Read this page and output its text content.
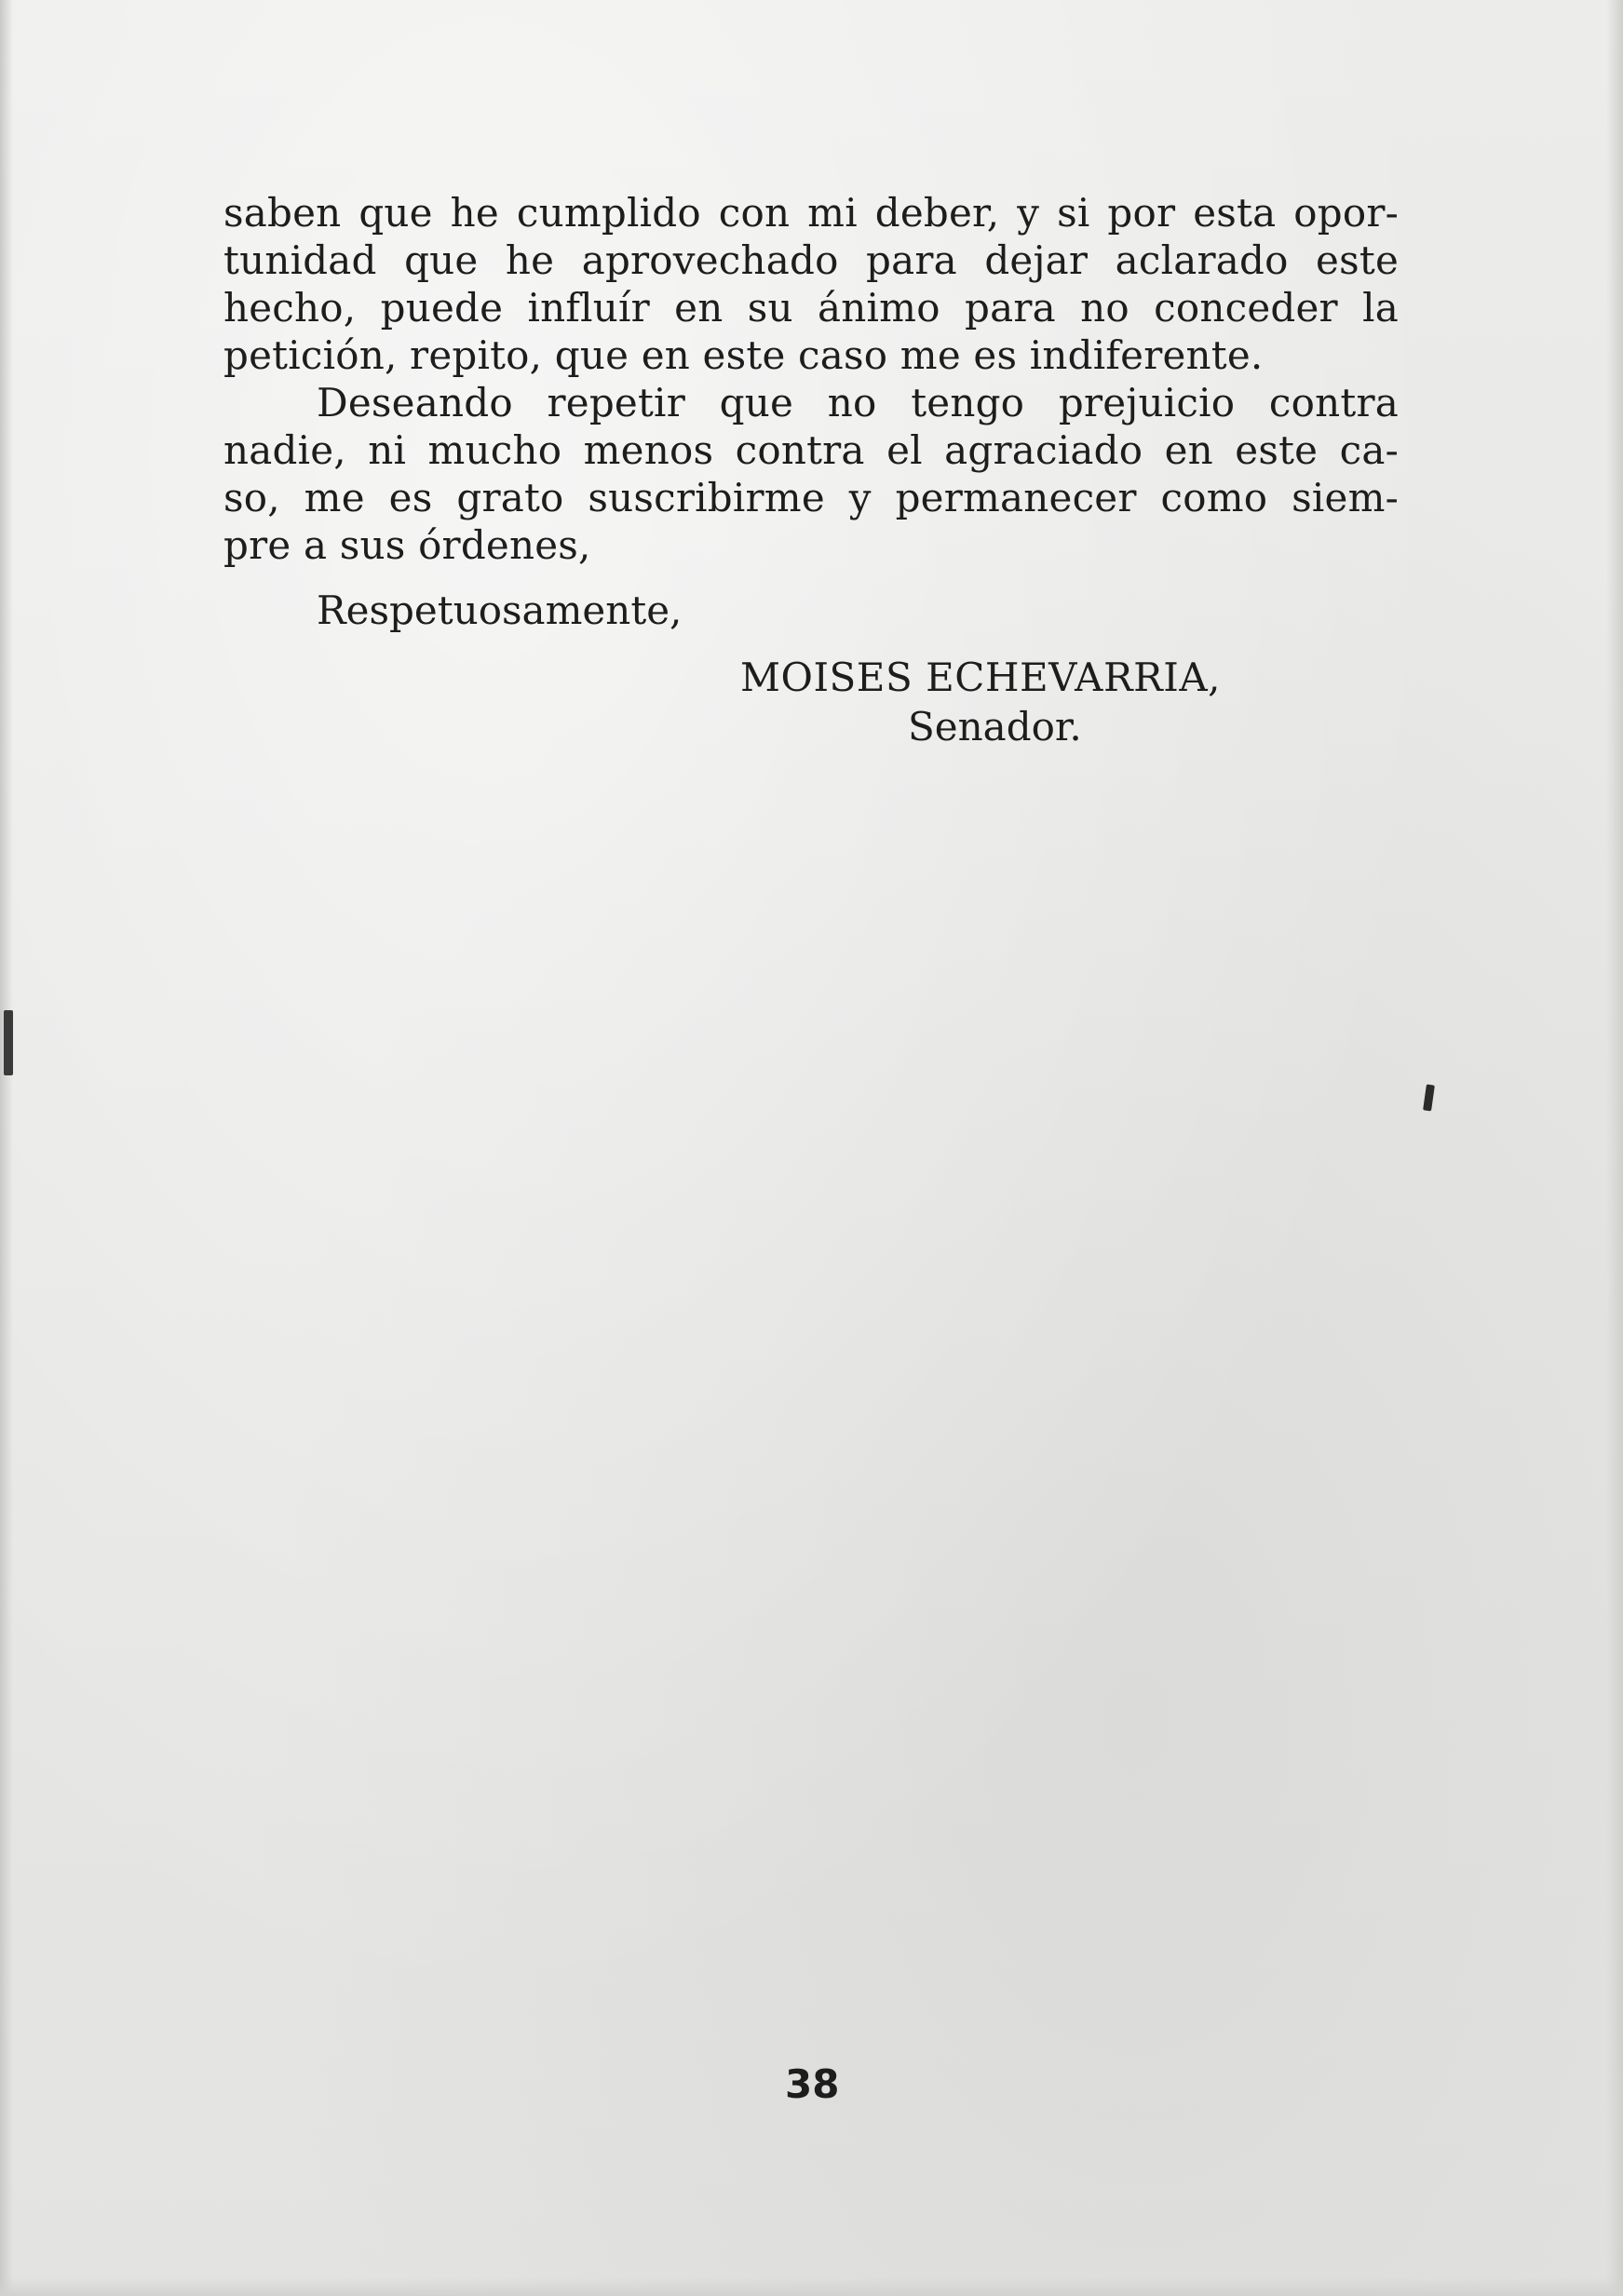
saben que he cumplido con mi deber, y si por esta opor-
tunidad que he aprovechado para dejar aclarado este
hecho, puede influír en su ánimo para no conceder la
petición, repito, que en este caso me es indiferente.

Deseando repetir que no tengo prejuicio contra
nadie, ni mucho menos contra el agraciado en este ca-
so, me es grato suscribirme y permanecer como siem-
pre a sus órdenes,

Respetuosamente,

MOISES ECHEVARRIA,

Senador.

38
